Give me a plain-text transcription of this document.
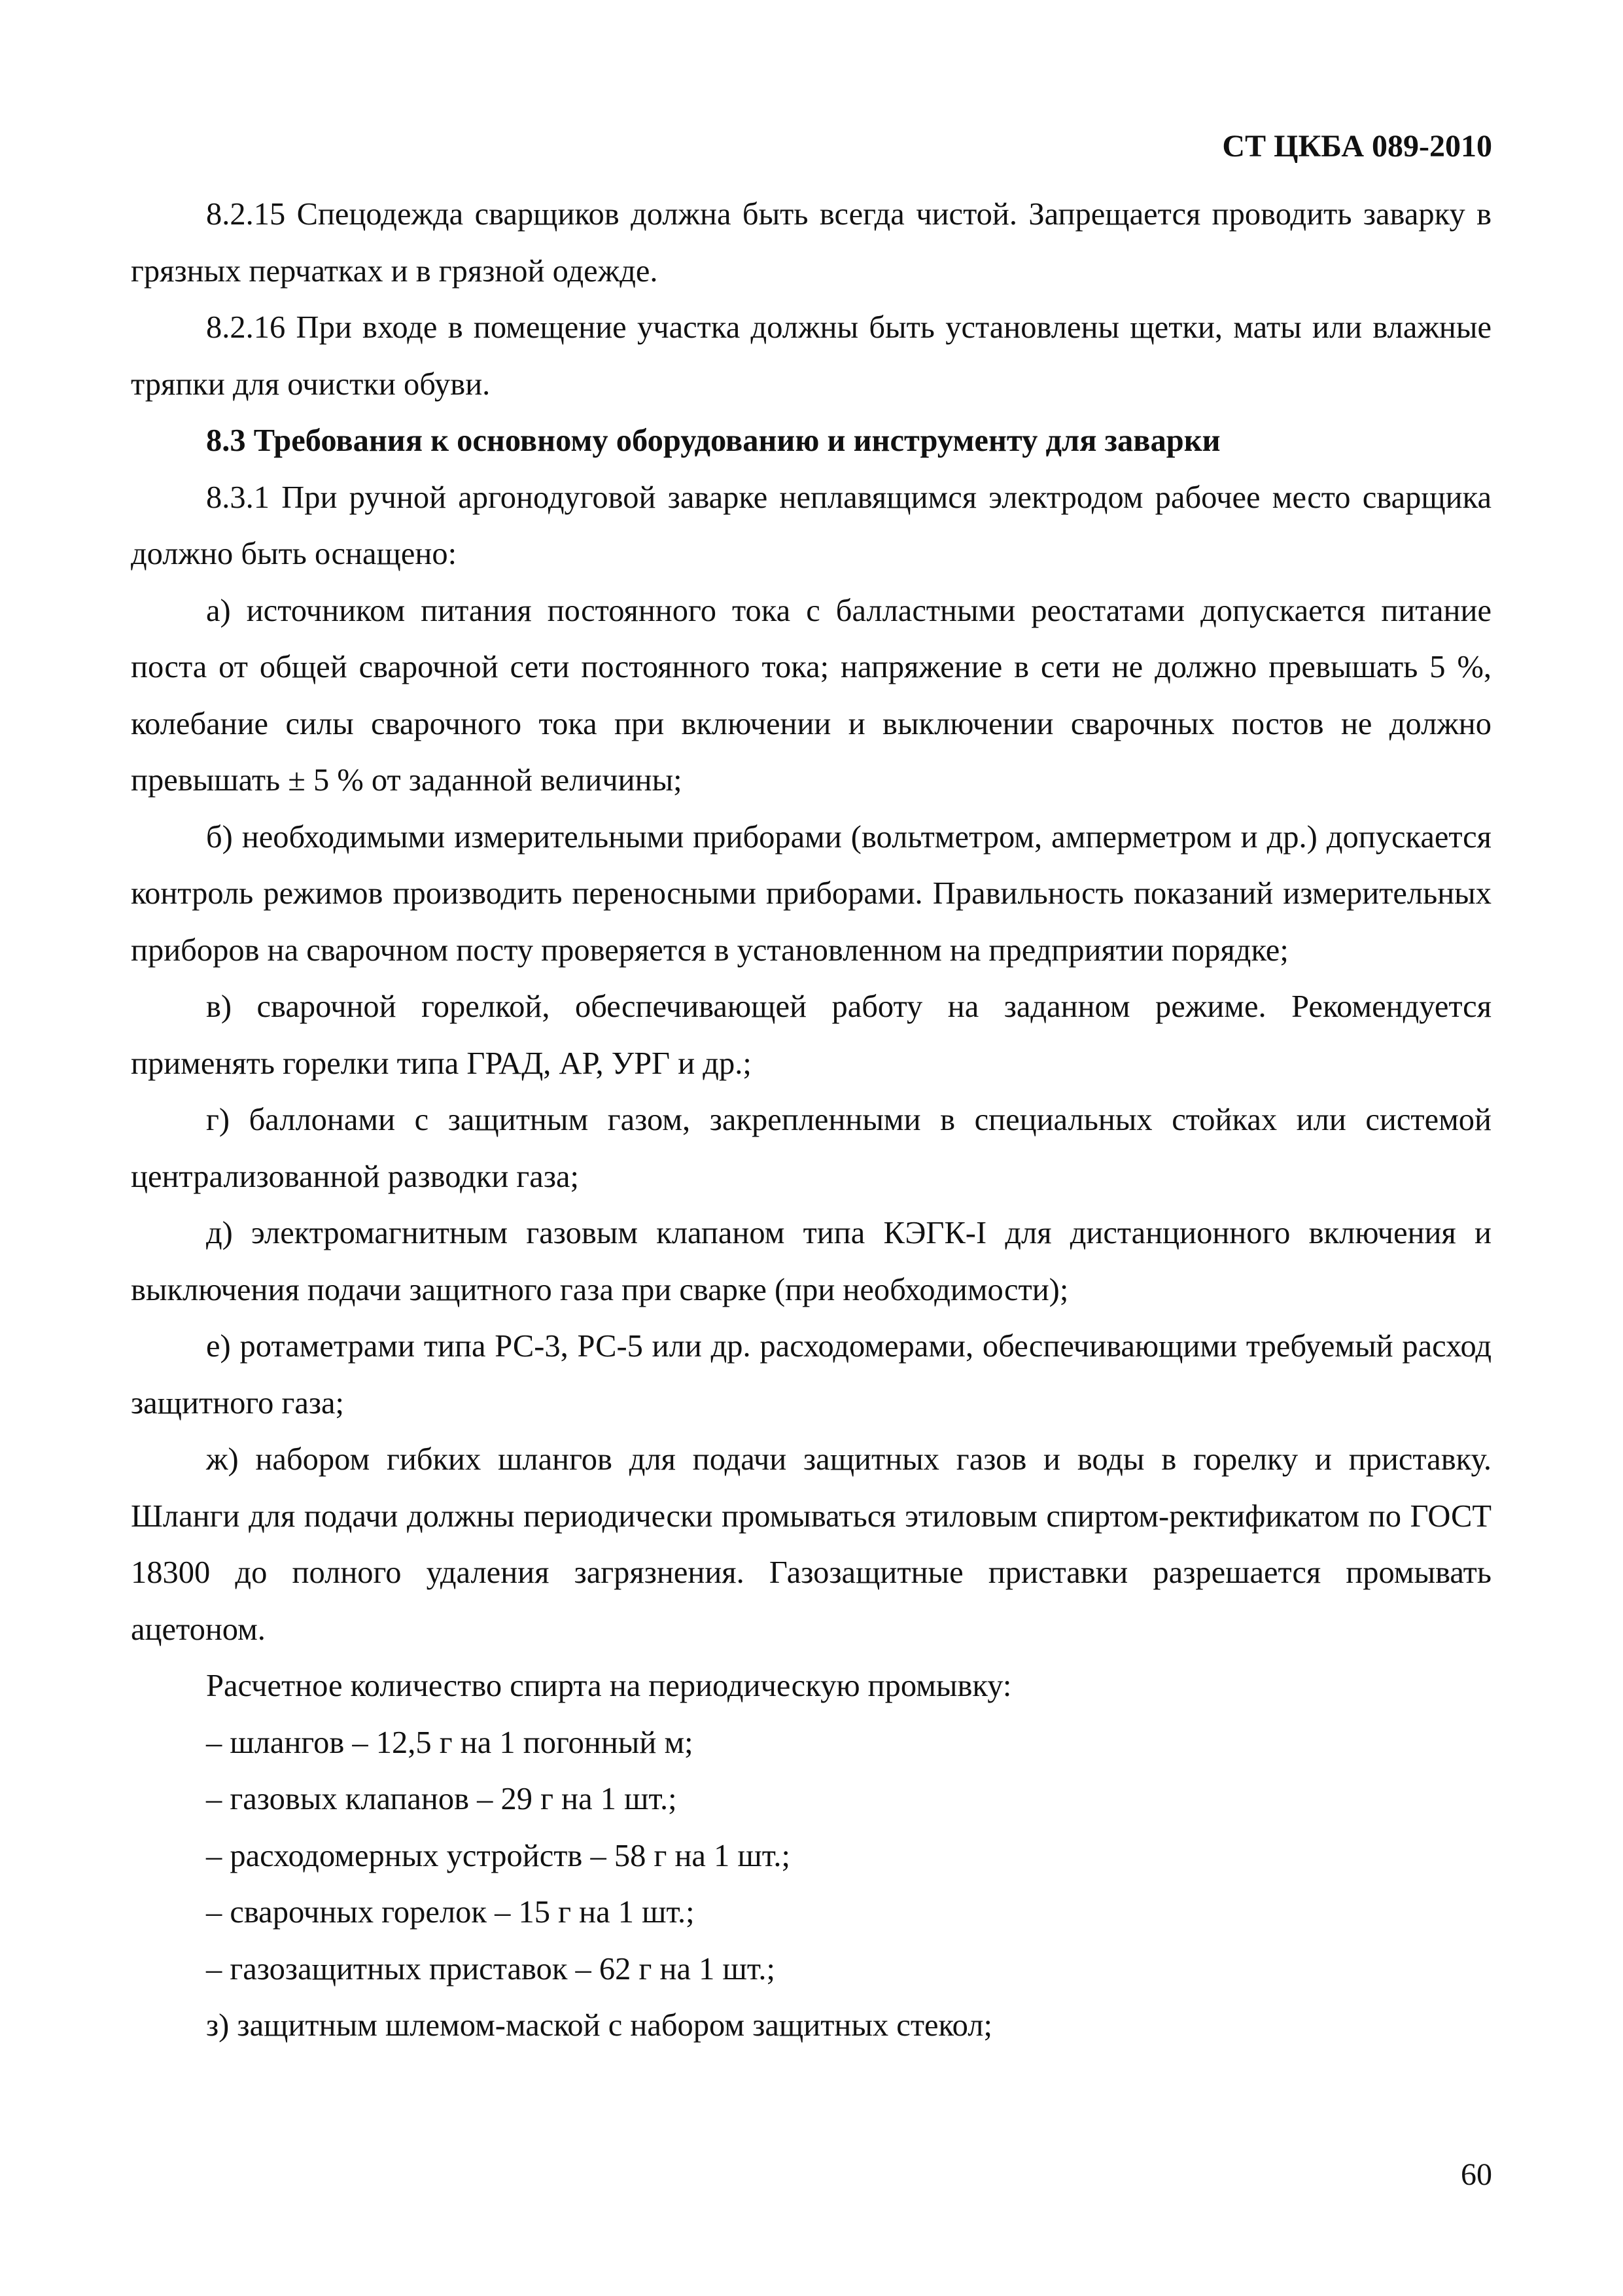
СТ ЦКБА 089-2010

8.2.15 Спецодежда сварщиков должна быть всегда чистой. Запрещается проводить заварку в грязных перчатках и в грязной одежде.

8.2.16 При входе в помещение участка должны быть установлены щетки, маты или влажные тряпки для очистки обуви.

8.3 Требования к основному оборудованию и инструменту для заварки

8.3.1 При ручной аргонодуговой заварке неплавящимся электродом рабочее место сварщика должно быть оснащено:

а) источником питания постоянного тока с балластными реостатами допускается питание поста от общей сварочной сети постоянного тока; напряжение в сети не должно превышать 5 %, колебание силы сварочного тока при включении и выключении сварочных постов не должно превышать ± 5 % от заданной величины;

б) необходимыми измерительными приборами (вольтметром, амперметром и др.) допускается контроль режимов производить переносными приборами. Правильность показаний измерительных приборов на сварочном посту проверяется в установленном на предприятии порядке;

в) сварочной горелкой, обеспечивающей работу на заданном режиме. Рекомендуется применять горелки типа ГРАД, АР, УРГ и др.;

г) баллонами с защитным газом, закрепленными в специальных стойках или системой централизованной разводки газа;

д) электромагнитным газовым клапаном типа КЭГК-I для дистанционного включения и выключения подачи защитного газа при сварке (при необходимости);

е) ротаметрами типа РС-3, РС-5 или др. расходомерами, обеспечивающими требуемый расход защитного газа;

ж) набором гибких шлангов для подачи защитных газов и воды в горелку и приставку. Шланги для подачи должны периодически промываться этиловым спиртом-ректификатом по ГОСТ 18300 до полного удаления загрязнения. Газозащитные приставки разрешается промывать ацетоном.

Расчетное количество спирта на периодическую промывку:

– шлангов – 12,5 г на 1 погонный м;

– газовых клапанов – 29 г на 1 шт.;

– расходомерных устройств – 58 г на 1 шт.;

– сварочных горелок – 15 г на 1 шт.;

– газозащитных приставок – 62 г на 1 шт.;

з) защитным шлемом-маской с набором защитных стекол;

60
